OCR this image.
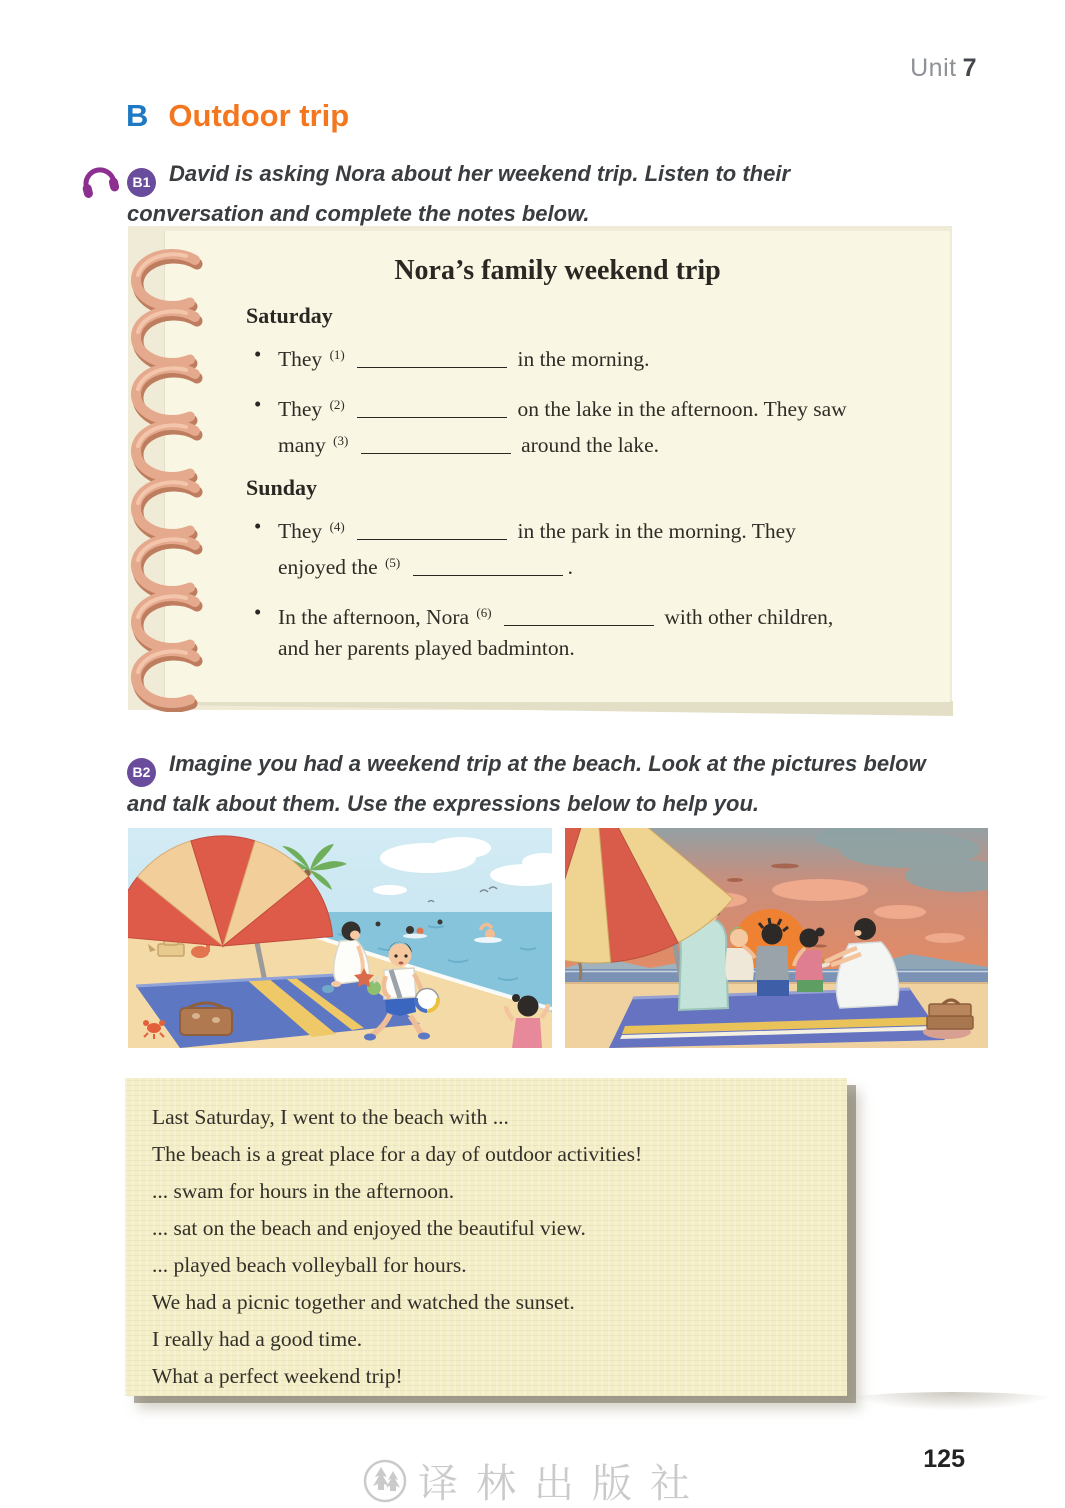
Unit 7
B Outdoor trip

B1 David is asking Nora about her weekend trip. Listen to their conversation and complete the notes below.

Nora’s family weekend trip
Saturday
• They $^{(1)}$	in the morning.
• They $^{(2)}$	on the lake in the afternoon. They saw many $^{(3)}$	around the lake.
Sunday
• They $^{(4)}$	in the park in the morning. They enjoyed the $^{(5)}$	.
• In the afternoon, Nora $^{(6)}$	with other children, and her parents played badminton.

B2 Imagine you had a weekend trip at the beach. Look at the pictures below and talk about them. Use the expressions below to help you.

Last Saturday, I went to the beach with ...
The beach is a great place for a day of outdoor activities!
... swam for hours in the afternoon.
... sat on the beach and enjoyed the beautiful view.
... played beach volleyball for hours.
We had a picnic together and watched the sunset.
I really had a good time.
What a perfect weekend trip!
125
译林出版社
